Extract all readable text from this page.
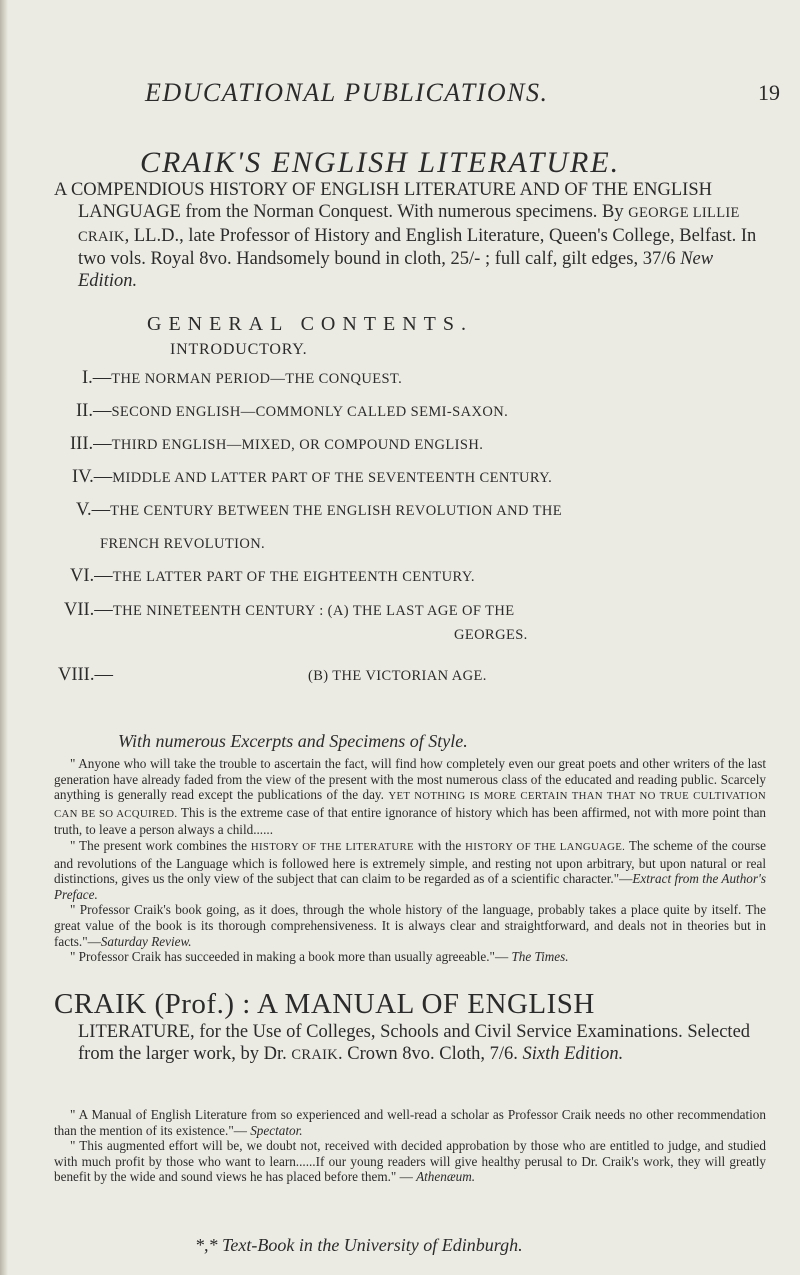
EDUCATIONAL PUBLICATIONS.	19
CRAIK'S ENGLISH LITERATURE.

A COMPENDIOUS HISTORY OF ENGLISH LITERATURE AND OF THE ENGLISH LANGUAGE from the Norman Conquest. With numerous specimens. By GEORGE LILLIE CRAIK, LL.D., late Professor of History and English Literature, Queen's College, Belfast. In two vols. Royal 8vo. Handsomely bound in cloth, 25/- ; full calf, gilt edges, 37/6 New Edition.

GENERAL CONTENTS.
INTRODUCTORY.
I.—THE NORMAN PERIOD—THE CONQUEST.
II.—SECOND ENGLISH—COMMONLY CALLED SEMI-SAXON.
III.—THIRD ENGLISH—MIXED, OR COMPOUND ENGLISH.
IV.—MIDDLE AND LATTER PART OF THE SEVENTEENTH CENTURY.
V.—THE CENTURY BETWEEN THE ENGLISH REVOLUTION AND THE
FRENCH REVOLUTION.
VI.—THE LATTER PART OF THE EIGHTEENTH CENTURY.
VII.—THE NINETEENTH CENTURY : (A) THE LAST AGE OF THE
GEORGES.
VIII.—	(B) THE VICTORIAN AGE.
With numerous Excerpts and Specimens of Style.

" Anyone who will take the trouble to ascertain the fact, will find how completely even our great poets and other writers of the last generation have already faded from the view of the present with the most numerous class of the educated and reading public. Scarcely anything is generally read except the publications of the day. YET NOTHING IS MORE CERTAIN THAN THAT NO TRUE CULTIVATION CAN BE SO ACQUIRED. This is the extreme case of that entire ignorance of history which has been affirmed, not with more point than truth, to leave a person always a child......

" The present work combines the HISTORY OF THE LITERATURE with the HISTORY OF THE LANGUAGE. The scheme of the course and revolutions of the Language which is followed here is extremely simple, and resting not upon arbitrary, but upon natural or real distinctions, gives us the only view of the subject that can claim to be regarded as of a scientific character."—Extract from the Author's Preface.

" Professor Craik's book going, as it does, through the whole history of the language, probably takes a place quite by itself. The great value of the book is its thorough comprehensiveness. It is always clear and straightforward, and deals not in theories but in facts."—Saturday Review.

" Professor Craik has succeeded in making a book more than usually agreeable."— The Times.

CRAIK (Prof.) : A MANUAL OF ENGLISH
LITERATURE, for the Use of Colleges, Schools and Civil Service Examinations. Selected from the larger work, by Dr. CRAIK. Crown 8vo. Cloth, 7/6. Sixth Edition.

" A Manual of English Literature from so experienced and well-read a scholar as Professor Craik needs no other recommendation than the mention of its existence."— Spectator.

" This augmented effort will be, we doubt not, received with decided approbation by those who are entitled to judge, and studied with much profit by those who want to learn......If our young readers will give healthy perusal to Dr. Craik's work, they will greatly benefit by the wide and sound views he has placed before them." — Athenæum.

*,* Text-Book in the University of Edinburgh.
